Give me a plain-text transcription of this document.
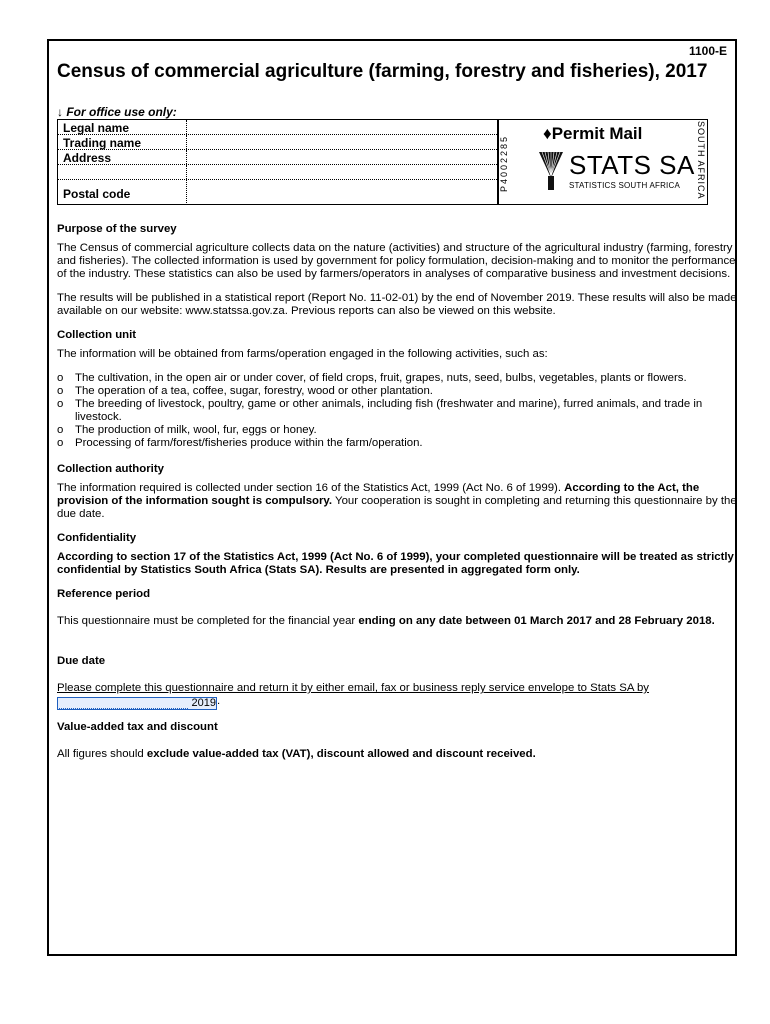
1100-E
Census of commercial agriculture (farming, forestry and fisheries), 2017
↓ For office use only:
Legal name
Trading name
Address
Postal code
P4002285
♦Permit Mail
STATS SA
STATISTICS SOUTH AFRICA SOUTH AFRICA
Purpose of the survey

The Census of commercial agriculture collects data on the nature (activities) and structure of the agricultural industry (farming, forestry and fisheries). The collected information is used by government for policy formulation, decision-making and to monitor the performance of the industry. These statistics can also be used by farmers/operators in analyses of comparative business and investment decisions.

The results will be published in a statistical report (Report No. 11-02-01) by the end of November 2019. These results will also be made available on our website: www.statssa.gov.za. Previous reports can also be viewed on this website.

Collection unit

The information will be obtained from farms/operation engaged in the following activities, such as:

o The cultivation, in the open air or under cover, of field crops, fruit, grapes, nuts, seed, bulbs, vegetables, plants or flowers.
o The operation of a tea, coffee, sugar, forestry, wood or other plantation.
o The breeding of livestock, poultry, game or other animals, including fish (freshwater and marine), furred animals, and trade in livestock.
o The production of milk, wool, fur, eggs or honey.
o Processing of farm/forest/fisheries produce within the farm/operation.
Collection authority

The information required is collected under section 16 of the Statistics Act, 1999 (Act No. 6 of 1999). According to the Act, the provision of the information sought is compulsory. Your cooperation is sought in completing and returning this questionnaire by the due date.

Confidentiality

According to section 17 of the Statistics Act, 1999 (Act No. 6 of 1999), your completed questionnaire will be treated as strictly confidential by Statistics South Africa (Stats SA). Results are presented in aggregated form only.

Reference period

This questionnaire must be completed for the financial year ending on any date between 01 March 2017 and 28 February 2018.

Due date

Please complete this questionnaire and return it by either email, fax or business reply service envelope to Stats SA by

2019.

Value-added tax and discount

All figures should exclude value-added tax (VAT), discount allowed and discount received.
